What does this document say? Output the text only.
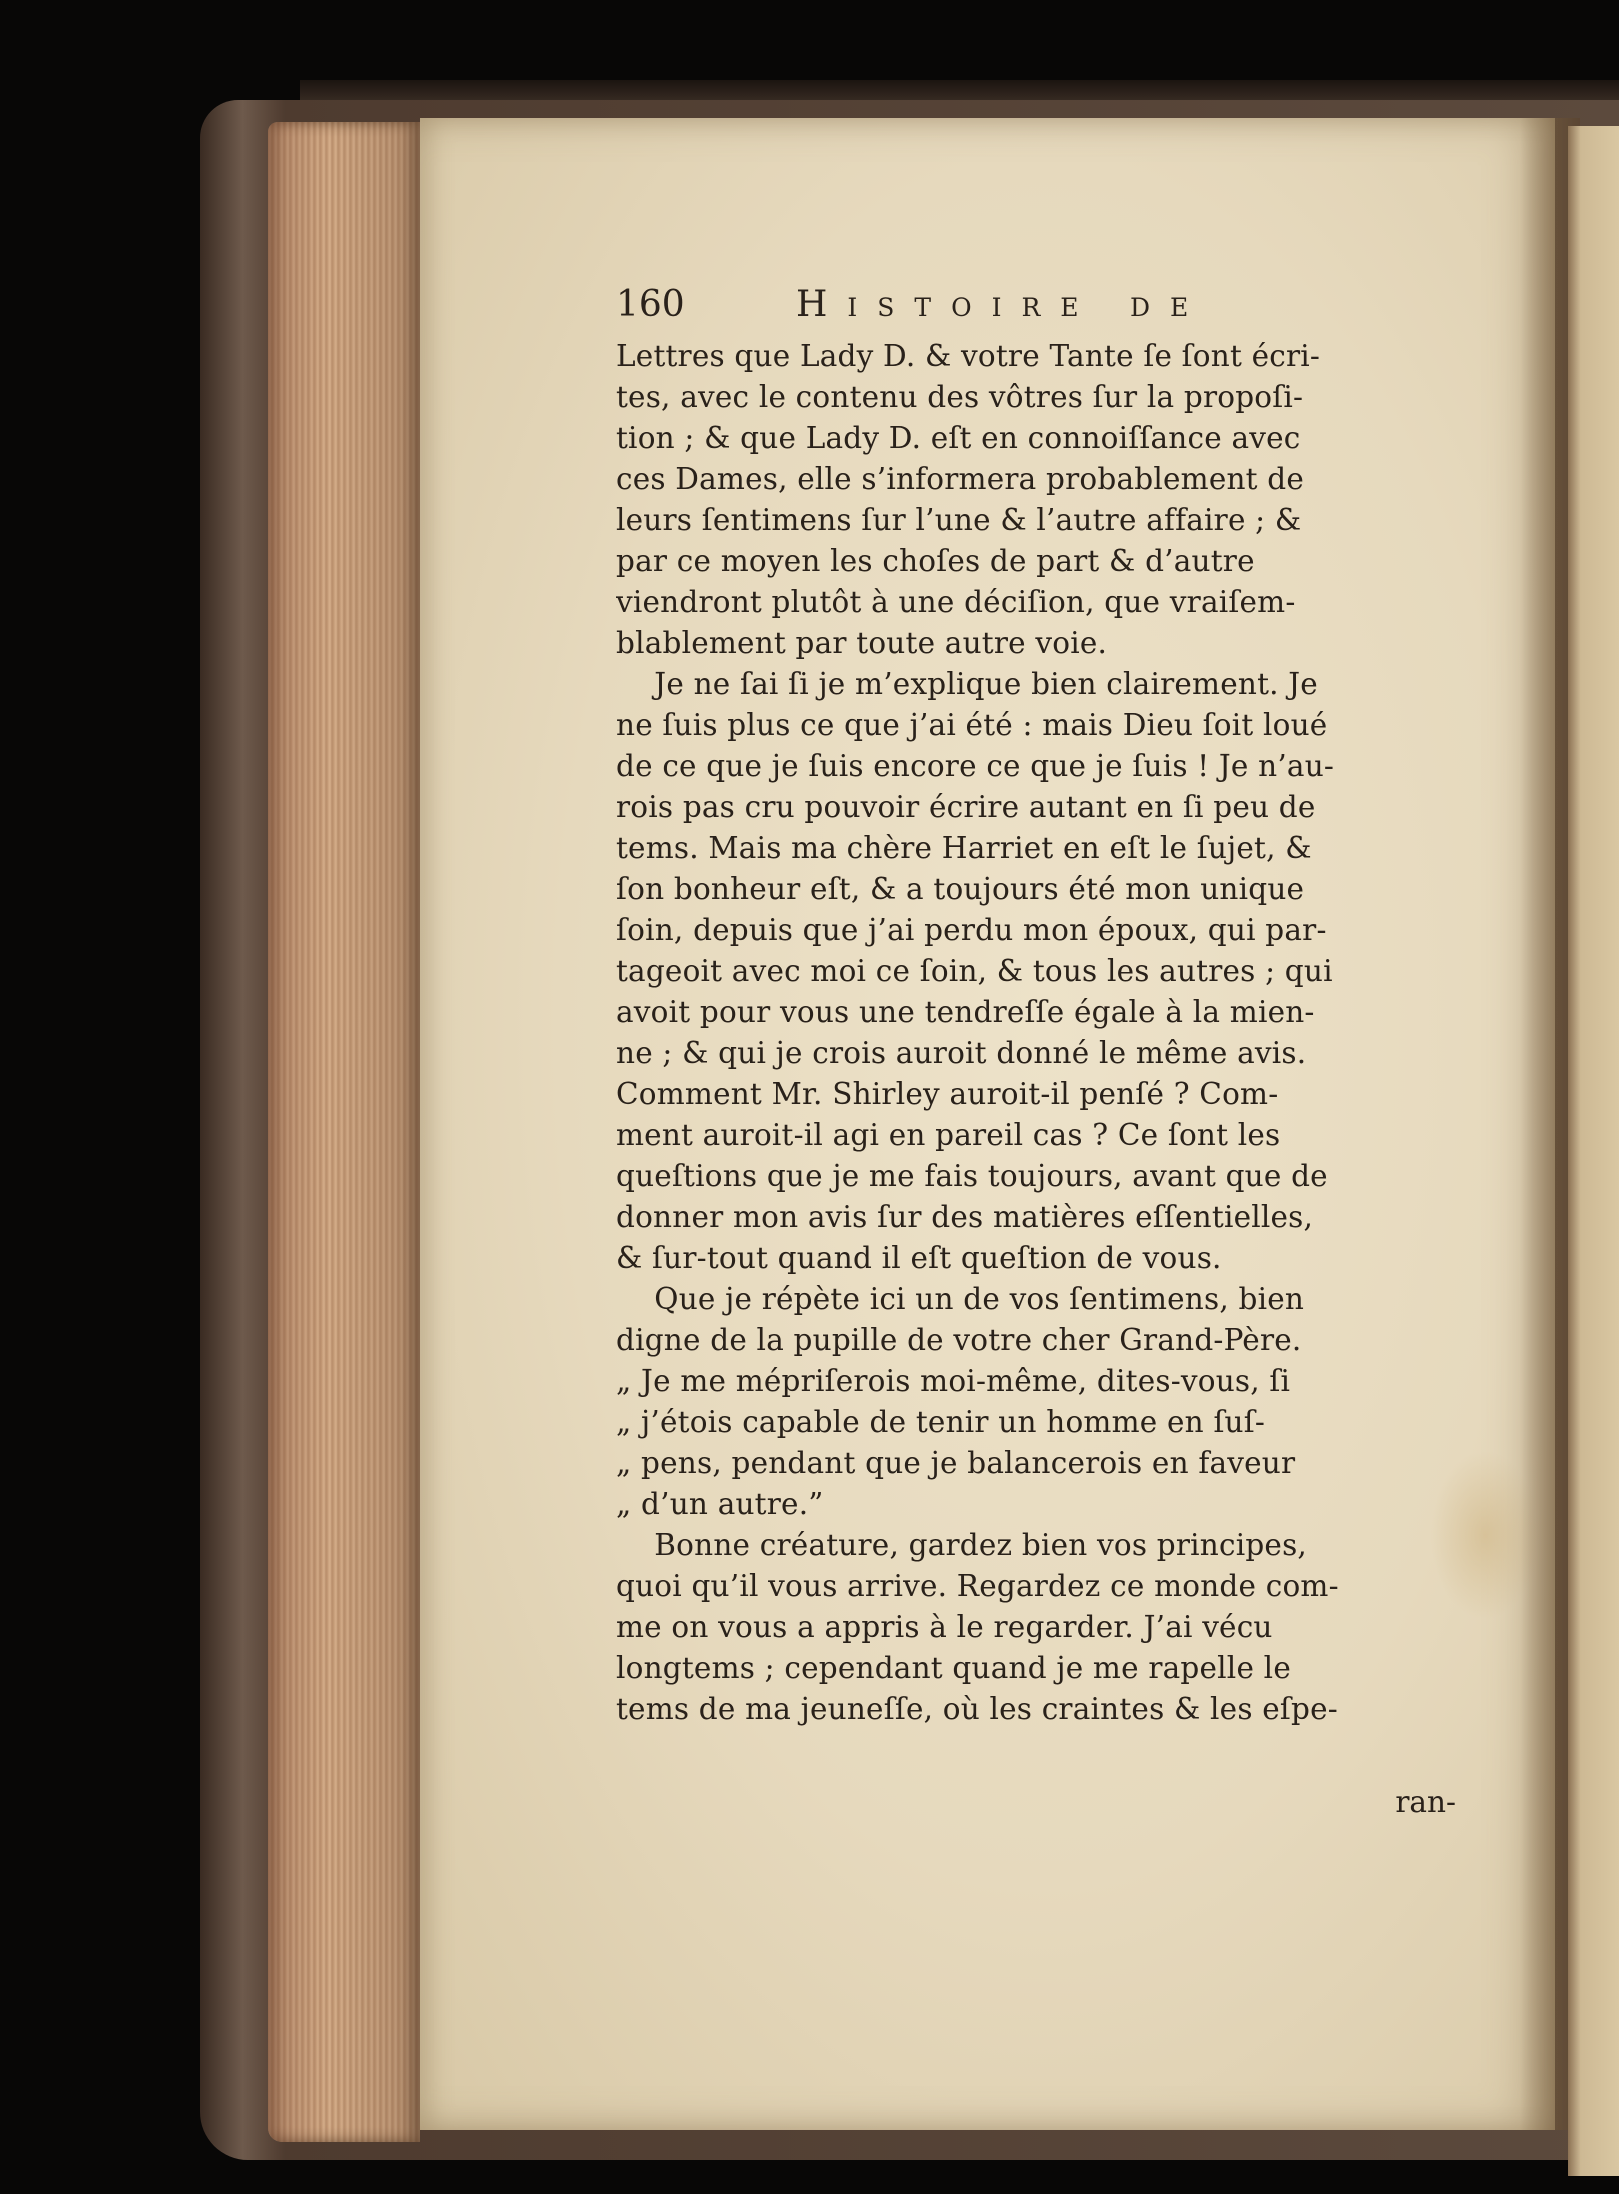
160	Histoire de
Lettres que Lady D. & votre Tante ſe ſont écri-
tes, avec le contenu des vôtres ſur la propoſi-
tion ; & que Lady D. eſt en connoiſſance avec
ces Dames, elle s’informera probablement de
leurs ſentimens ſur l’une & l’autre affaire ; &
par ce moyen les choſes de part & d’autre
viendront plutôt à une déciſion, que vraiſem-
blablement par toute autre voie.
Je ne ſai ſi je m’explique bien clairement. Je
ne ſuis plus ce que j’ai été : mais Dieu ſoit loué
de ce que je ſuis encore ce que je ſuis ! Je n’au-
rois pas cru pouvoir écrire autant en ſi peu de
tems. Mais ma chère Harriet en eſt le ſujet, &
ſon bonheur eſt, & a toujours été mon unique
ſoin, depuis que j’ai perdu mon époux, qui par-
tageoit avec moi ce ſoin, & tous les autres ; qui
avoit pour vous une tendreſſe égale à la mien-
ne ; & qui je crois auroit donné le même avis.
Comment Mr. Shirley auroit-il penſé ? Com-
ment auroit-il agi en pareil cas ? Ce ſont les
queſtions que je me fais toujours, avant que de
donner mon avis ſur des matières eſſentielles,
& ſur-tout quand il eſt queſtion de vous.
Que je répète ici un de vos ſentimens, bien
digne de la pupille de votre cher Grand-Père.
„ Je me mépriſerois moi-même, dites-vous, ſi
„ j’étois capable de tenir un homme en ſuſ-
„ pens, pendant que je balancerois en faveur
„ d’un autre.”
Bonne créature, gardez bien vos principes,
quoi qu’il vous arrive. Regardez ce monde com-
me on vous a appris à le regarder. J’ai vécu
longtems ; cependant quand je me rapelle le
tems de ma jeuneſſe, où les craintes & les eſpe-
ran-
